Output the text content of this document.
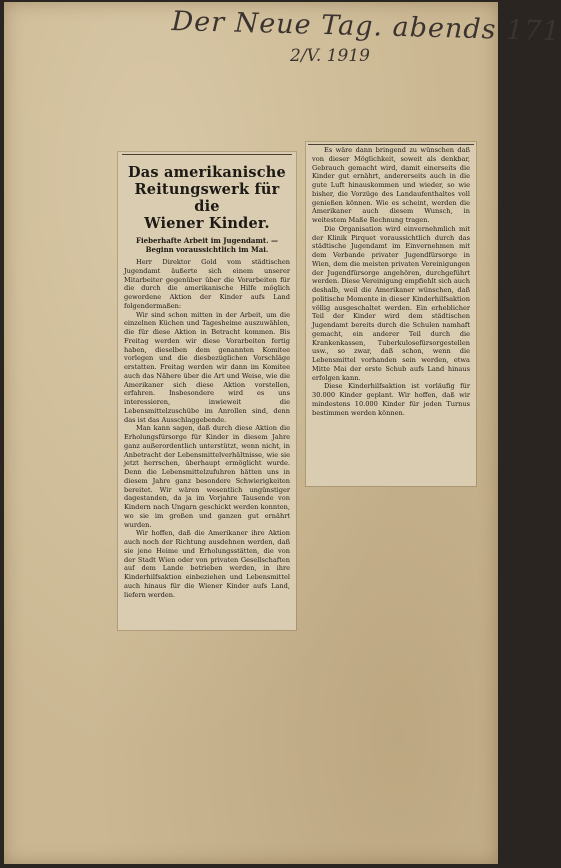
Der Neue Tag. abends 171
2/V. 1919
Das amerikanische
Reitungswerk für die
Wiener Kinder.
Fieberhafte Arbeit im Jugendamt. — Beginn voraussichtlich im Mai.

Herr Direktor Gold vom städtischen Jugendamt äußerte sich einem unserer Mitarbeiter gegenüber über die Vorarbeiten für die durch die amerikanische Hilfe möglich gewordene Aktion der Kinder aufs Land folgendermaßen:

Wir sind schon mitten in der Arbeit, um die einzelnen Küchen und Tagesheime auszuwählen, die für diese Aktion in Betracht kommen. Bis Freitag werden wir diese Vorarbeiten fertig haben, dieselben dem genannten Komitee vorlegen und die diesbezüglichen Vorschläge erstatten. Freitag werden wir dann im Komitee auch das Nähere über die Art und Weise, wie die Amerikaner sich diese Aktion vorstellen, erfahren. Insbesondere wird es uns interessieren, inwieweit die Lebensmittelzuschübe im Anrollen sind, denn das ist das Ausschlaggebende.

Man kann sagen, daß durch diese Aktion die Erholungsfürsorge für Kinder in diesem Jahre ganz außerordentlich unterstützt, wenn nicht, in Anbetracht der Lebensmittelverhältnisse, wie sie jetzt herrschen, überhaupt ermöglicht wurde. Denn die Lebensmittelzufuhren hätten uns in diesem Jahre ganz besondere Schwierigkeiten bereitet. Wir wären wesentlich ungünstiger dagestanden, da ja im Vorjahre Tausende von Kindern nach Ungarn geschickt werden konnten, wo sie im großen und ganzen gut ernährt wurden.

Wir hoffen, daß die Amerikaner ihre Aktion auch noch der Richtung ausdehnen werden, daß sie jene Heime und Erholungsstätten, die von der Stadt Wien oder von privaten Gesellschaften auf dem Lande betrieben werden, in ihre Kinderhilfsaktion einbeziehen und Lebensmittel auch hinaus für die Wiener Kinder aufs Land, liefern werden.

Es wäre dann bringend zu wünschen daß von dieser Möglichkeit, soweit als denkbar, Gebrauch gemacht wird, damit einerseits die Kinder gut ernährt, andererseits auch in die gute Luft hinauskommen und wieder, so wie bisher, die Vorzüge des Landaufenthaltes voll genießen können. Wie es scheint, werden die Amerikaner auch diesem Wunsch, in weitestem Maße Rechnung tragen.

Die Organisation wird einvernehmlich mit der Klinik Pirquet voraussichtlich durch das städtische Jugendamt im Einvernehmen mit dem Verbande privater Jugendfürsorge in Wien, dem die meisten privaten Vereinigungen der Jugendfürsorge angehören, durchgeführt werden. Diese Vereinigung empfiehlt sich auch deshalb, weil die Amerikaner wünschen, daß politische Momente in dieser Kinderhilfsaktion völlig ausgeschaltet werden. Ein erheblicher Teil der Kinder wird dem städtischen Jugendamt bereits durch die Schulen namhaft gemacht, ein anderer Teil durch die Krankenkassen, Tuberkulosefürsorgestellen usw., so zwar, daß schon, wenn die Lebensmittel vorhanden sein werden, etwa Mitte Mai der erste Schub aufs Land hinaus erfolgen kann.

Diese Kinderhilfsaktion ist vorläufig für 30.000 Kinder geplant. Wir hoffen, daß wir mindestens 10.000 Kinder für jeden Turnus bestimmen werden können.
